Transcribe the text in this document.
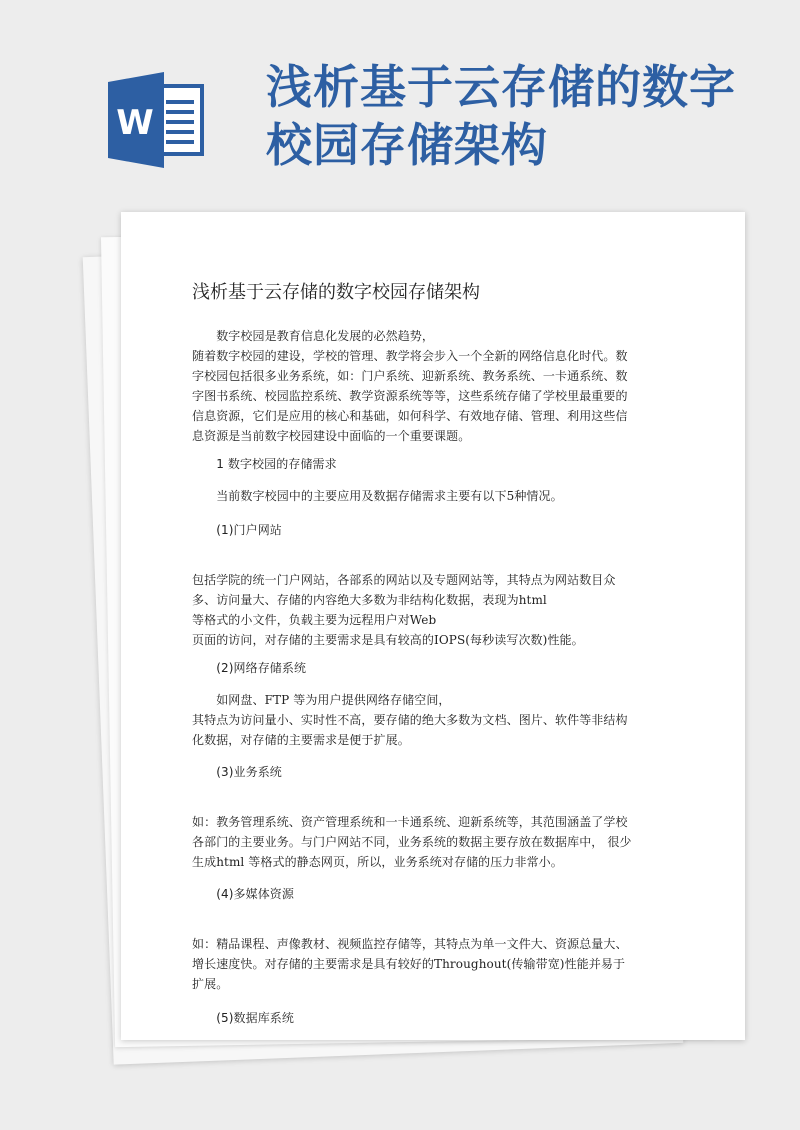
W
浅析基于云存储的数字
校园存储架构
浅析基于云存储的数字校园存储架构

　　数字校园是教育信息化发展的必然趋势，

随着数字校园的建设，学校的管理、教学将会步入一个全新的网络信息化时代。数字校园包括很多业务系统，如：门户系统、迎新系统、教务系统、一卡通系统、数字图书系统、校园监控系统、教学资源系统等等，这些系统存储了学校里最重要的信息资源，它们是应用的核心和基础，如何科学、有效地存储、管理、利用这些信息资源是当前数字校园建设中面临的一个重要课题。

　　1 数字校园的存储需求

　　当前数字校园中的主要应用及数据存储需求主要有以下5种情况。

　　(1)门户网站

包括学院的统一门户网站，各部系的网站以及专题网站等，其特点为网站数目众多、访问量大、存储的内容绝大多数为非结构化数据，表现为html

等格式的小文件，负载主要为远程用户对Web

页面的访问，对存储的主要需求是具有较高的IOPS(每秒读写次数)性能。

　　(2)网络存储系统

　　如网盘、FTP 等为用户提供网络存储空间，

其特点为访问量小、实时性不高，要存储的绝大多数为文档、图片、软件等非结构化数据，对存储的主要需求是便于扩展。

　　(3)业务系统

如：教务管理系统、资产管理系统和一卡通系统、迎新系统等，其范围涵盖了学校各部门的主要业务。与门户网站不同，业务系统的数据主要存放在数据库中， 很少生成html 等格式的静态网页，所以，业务系统对存储的压力非常小。

　　(4)多媒体资源

如：精品课程、声像教材、视频监控存储等，其特点为单一文件大、资源总量大、增长速度快。对存储的主要需求是具有较好的Throughout(传输带宽)性能并易于扩展。

　　(5)数据库系统
